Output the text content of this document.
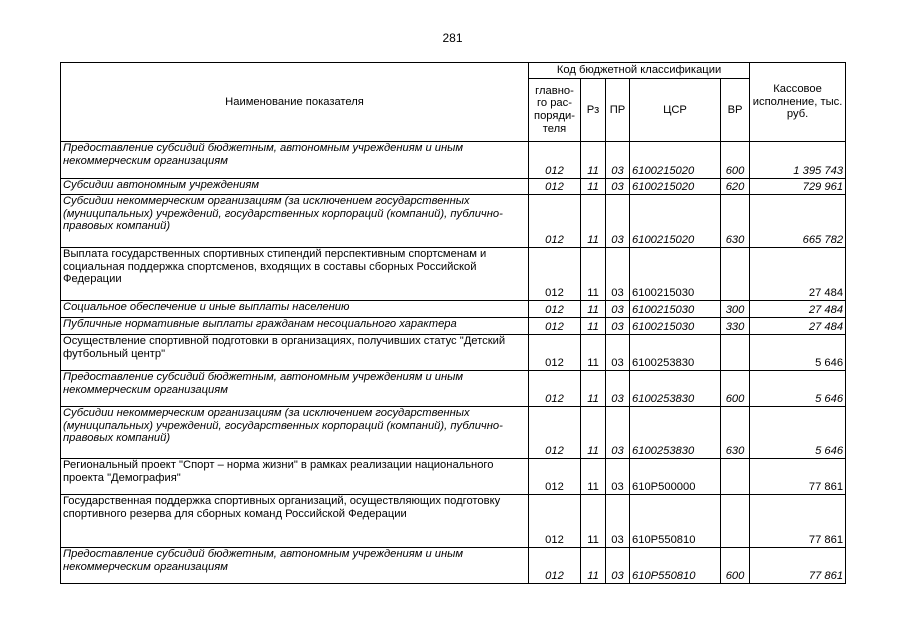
281
Наименование показателя	Код бюджетной классификации					Кассовое исполнение, тыс. руб.
	главно-го рас-поряди-теля	Рз	ПР	ЦСР	ВР	
Предоставление субсидий бюджетным, автономным учреждениям и иным некоммерческим организациям	012	11	03	6100215020	600	1 395 743
Субсидии автономным учреждениям	012	11	03	6100215020	620	729 961
Субсидии некоммерческим организациям (за исключением государственных (муниципальных) учреждений, государственных корпораций (компаний), публично-правовых компаний)	012	11	03	6100215020	630	665 782
Выплата государственных спортивных стипендий перспективным спортсменам и социальная поддержка спортсменов, входящих в составы сборных Российской Федерации	012	11	03	6100215030		27 484
Социальное обеспечение и иные выплаты населению	012	11	03	6100215030	300	27 484
Публичные нормативные выплаты гражданам несоциального характера	012	11	03	6100215030	330	27 484
Осуществление спортивной подготовки в организациях, получивших статус "Детский футбольный центр"	012	11	03	6100253830		5 646
Предоставление субсидий бюджетным, автономным учреждениям и иным некоммерческим организациям	012	11	03	6100253830	600	5 646
Субсидии некоммерческим организациям (за исключением государственных (муниципальных) учреждений, государственных корпораций (компаний), публично-правовых компаний)	012	11	03	6100253830	630	5 646
Региональный проект "Спорт – норма жизни" в рамках реализации национального проекта "Демография"	012	11	03	610P500000		77 861
Государственная поддержка спортивных организаций, осуществляющих подготовку спортивного резерва для сборных команд Российской Федерации	012	11	03	610P550810		77 861
Предоставление субсидий бюджетным, автономным учреждениям и иным некоммерческим организациям	012	11	03	610P550810	600	77 861
